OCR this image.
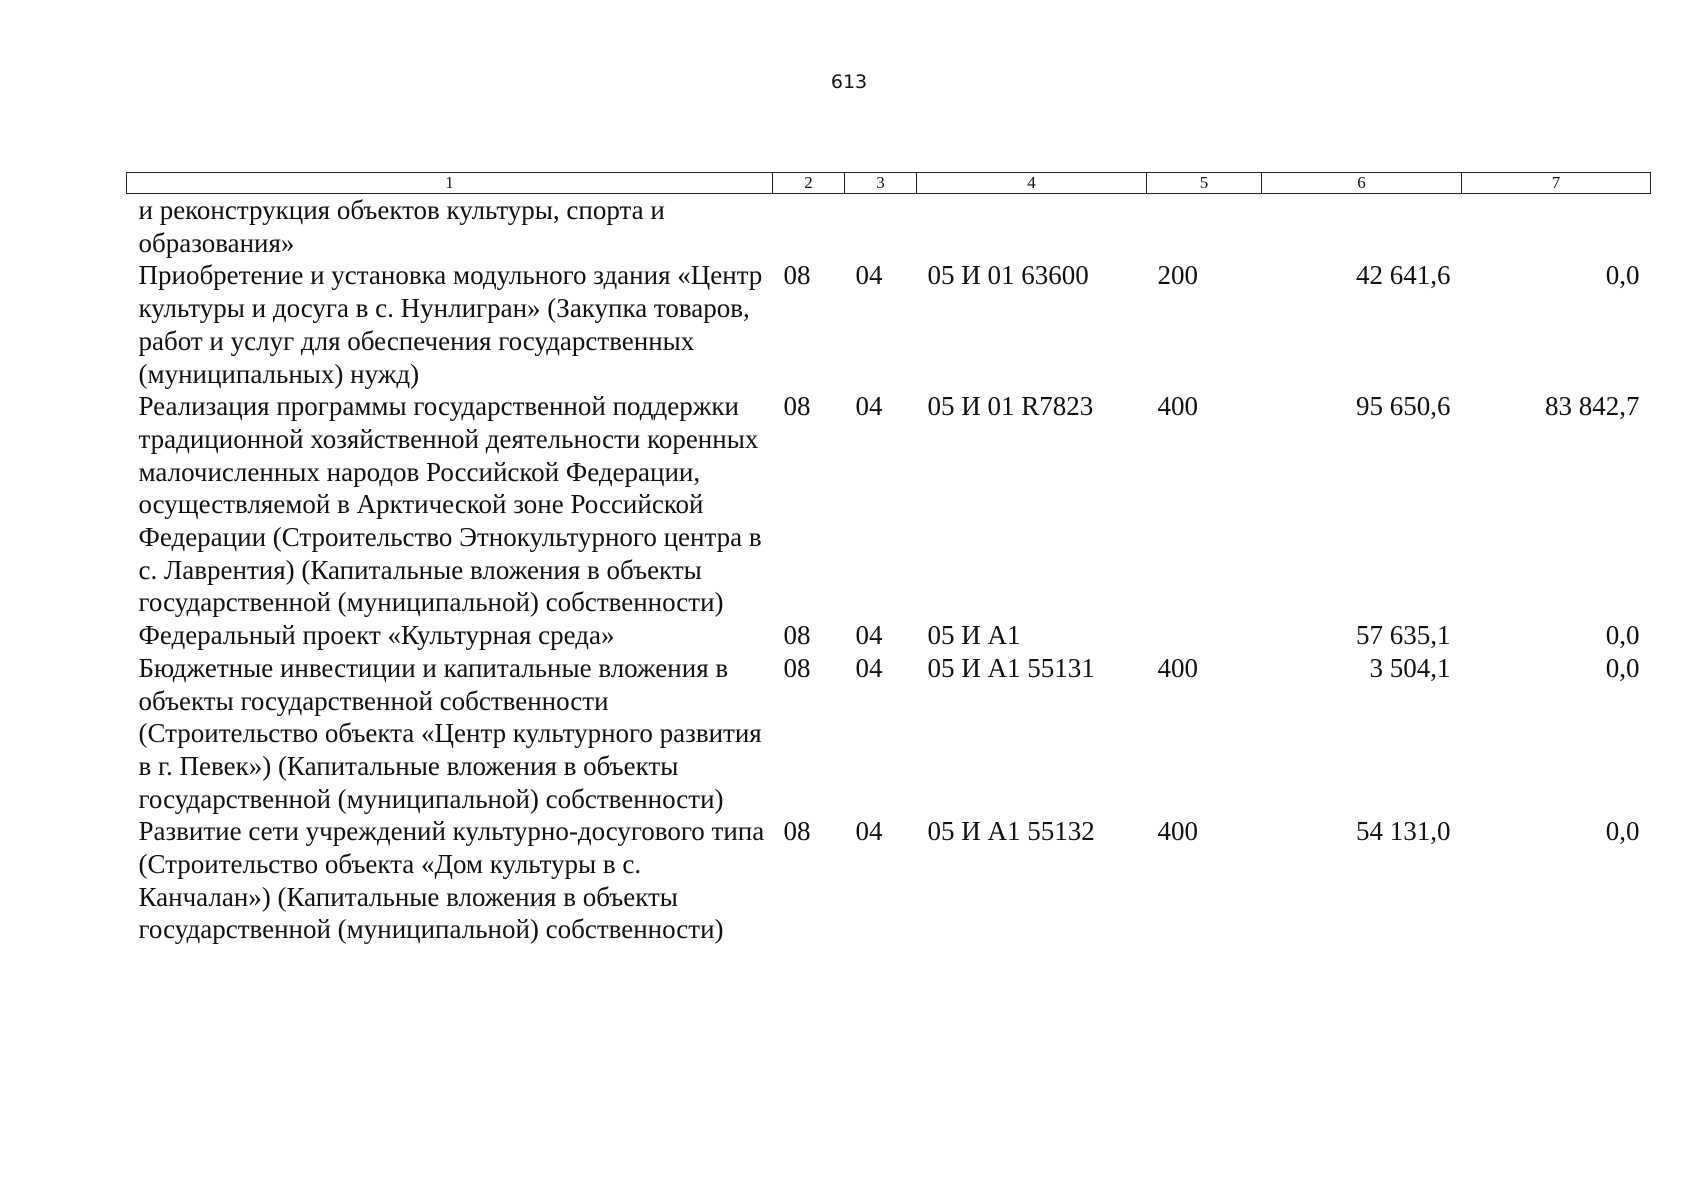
613
1	2	3	4	5	6	7
и реконструкция объектов культуры, спорта и образования»						
Приобретение и установка модульного здания «Центр культуры и досуга в с. Нунлигран» (Закупка товаров, работ и услуг для обеспечения государственных (муниципальных) нужд)	08	04	05 И 01 63600	200	42 641,6	0,0
Реализация программы государственной поддержки традиционной хозяйственной деятельности коренных малочисленных народов Российской Федерации, осуществляемой в Арктической зоне Российской Федерации (Строительство Этнокультурного центра в с. Лаврентия) (Капитальные вложения в объекты государственной (муниципальной) собственности)	08	04	05 И 01 R7823	400	95 650,6	83 842,7
Федеральный проект «Культурная среда»	08	04	05 И A1		57 635,1	0,0
Бюджетные инвестиции и капитальные вложения в объекты государственной собственности (Строительство объекта «Центр культурного развития в г. Певек») (Капитальные вложения в объекты государственной (муниципальной) собственности)	08	04	05 И A1 55131	400	3 504,1	0,0
Развитие сети учреждений культурно-досугового типа (Строительство объекта «Дом культуры в с. Канчалан») (Капитальные вложения в объекты государственной (муниципальной) собственности)	08	04	05 И A1 55132	400	54 131,0	0,0
